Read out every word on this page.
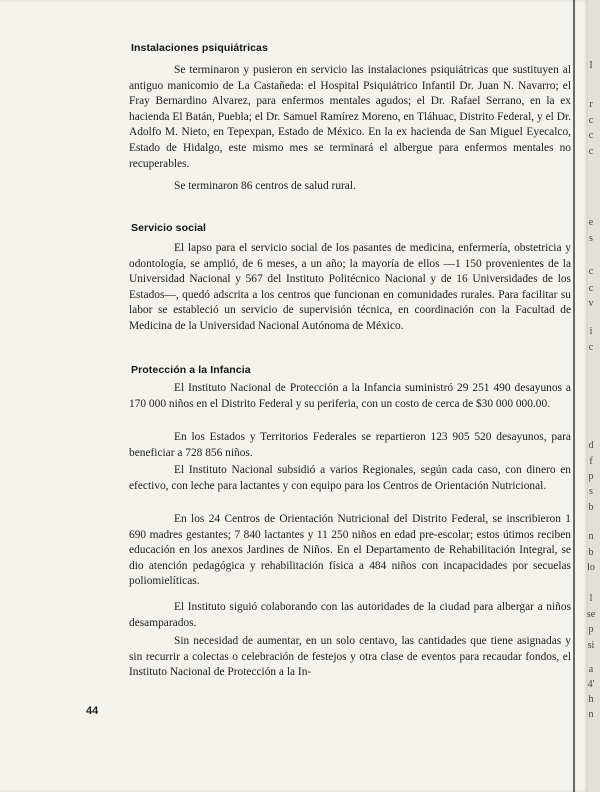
Instalaciones psiquiátricas

Se terminaron y pusieron en servicio las instalaciones psiquiátricas que sustituyen al antiguo manicomio de La Castañeda: el Hospital Psiquiátrico Infantil Dr. Juan N. Navarro; el Fray Bernardino Alvarez, para enfermos mentales agudos; el Dr. Rafael Serrano, en la ex hacienda El Batán, Puebla; el Dr. Samuel Ramírez Moreno, en Tláhuac, Distrito Federal, y el Dr. Adolfo M. Nieto, en Tepexpan, Estado de México. En la ex hacienda de San Miguel Eyecalco, Estado de Hidalgo, este mismo mes se terminará el albergue para enfermos mentales no recuperables.

Se terminaron 86 centros de salud rural.

Servicio social

El lapso para el servicio social de los pasantes de medicina, enfermería, obstetricia y odontología, se amplió, de 6 meses, a un año; la mayoría de ellos —1 150 provenientes de la Universidad Nacional y 567 del Instituto Politécnico Nacional y de 16 Universidades de los Estados—, quedó adscrita a los centros que funcionan en comunidades rurales. Para facilitar su labor se estableció un servicio de supervisión técnica, en coordinación con la Facultad de Medicina de la Universidad Nacional Autónoma de México.

Protección a la Infancia

El Instituto Nacional de Protección a la Infancia suministró 29 251 490 desayunos a 170 000 niños en el Distrito Federal y su periferia, con un costo de cerca de $30 000 000.00.

En los Estados y Territorios Federales se repartieron 123 905 520 desayunos, para beneficiar a 728 856 niños.

El Instituto Nacional subsidió a varios Regionales, según cada caso, con dinero en efectivo, con leche para lactantes y con equipo para los Centros de Orientación Nutricional.

En los 24 Centros de Orientación Nutricional del Distrito Federal, se inscribieron 1 690 madres gestantes; 7 840 lactantes y 11 250 niños en edad pre-escolar; estos útimos reciben educación en los anexos Jardines de Niños. En el Departamento de Rehabilitación Integral, se dio atención pedagógica y rehabilitación física a 484 niños con incapacidades por secuelas poliomielíticas.

El Instituto siguió colaborando con las autoridades de la ciudad para albergar a niños desamparados.

Sin necesidad de aumentar, en un solo centavo, las cantidades que tiene asignadas y sin recurrir a colectas o celebración de festejos y otra clase de eventos para recaudar fondos, el Instituto Nacional de Protección a la In-

44
I
r
c
c
c
e
s
c
c
v
i
c
d
f
p
s
b
n
b
lo
l
se
p
si
a
4'
h
n
